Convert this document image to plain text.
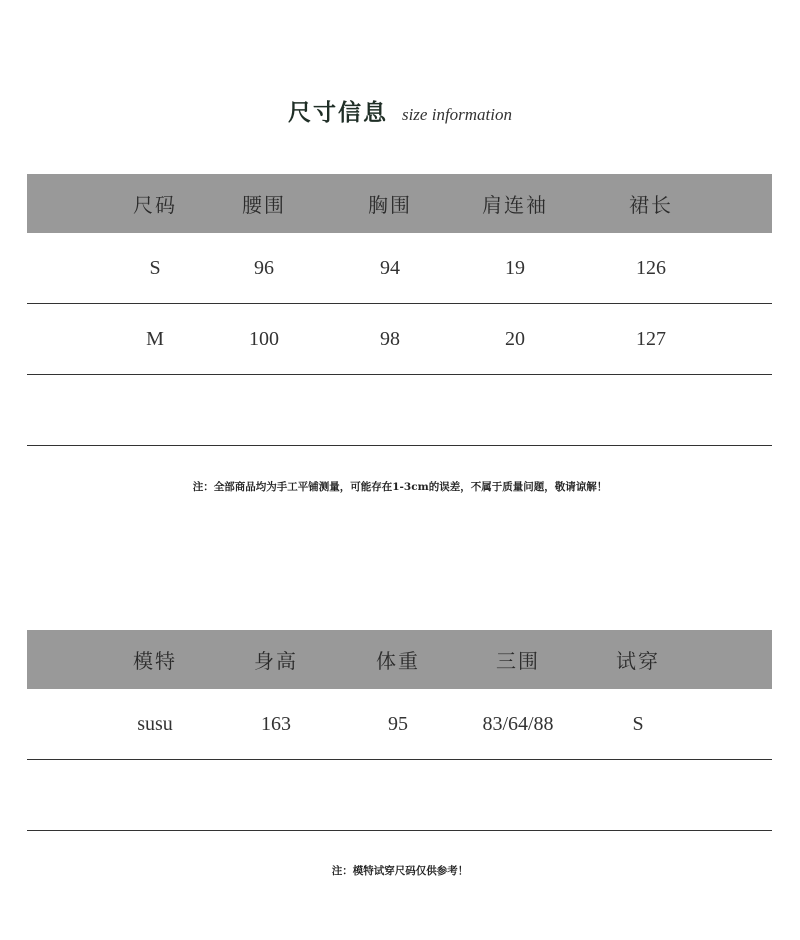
尺寸信息 size information
尺码	腰围	胸围	肩连袖	裙长
S	96	94	19	126
M	100	98	20	127
注：全部商品均为手工平铺测量，可能存在1-3cm的误差，不属于质量问题，敬请谅解！
模特	身高	体重	三围	试穿
susu	163	95	83/64/88	S
注：模特试穿尺码仅供参考！
